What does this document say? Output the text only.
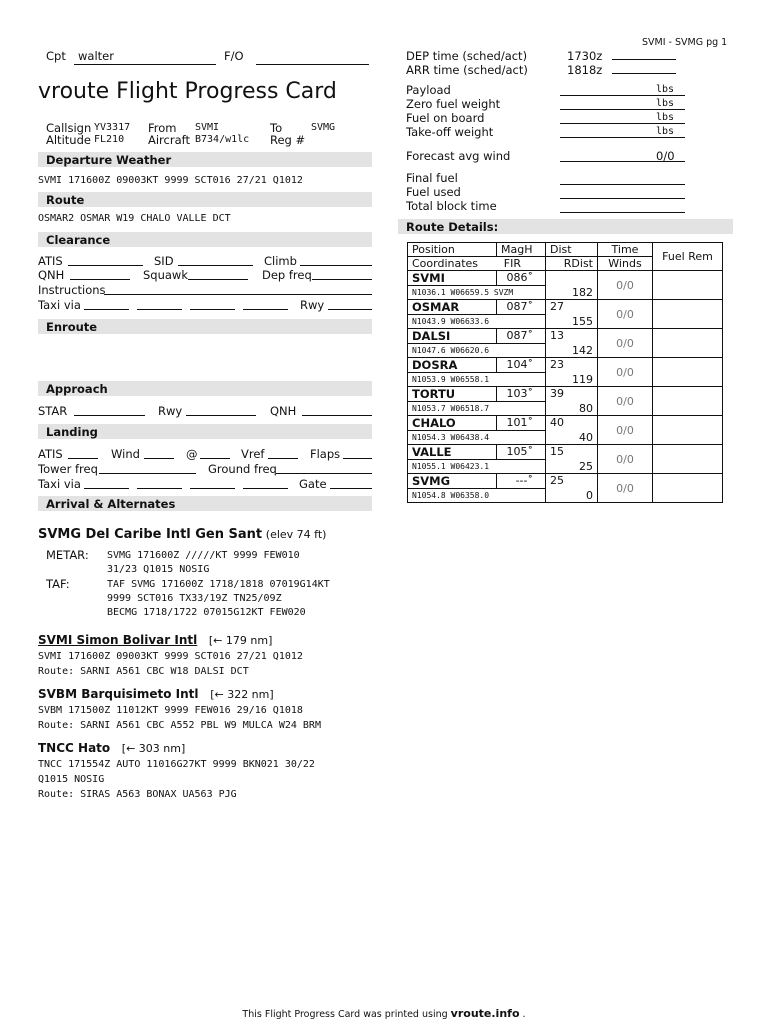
SVMI - SVMG pg 1
Cpt walter	F/O
vroute Flight Progress Card
Callsign YV3317 From SVMI	To	SVMG
Altitude FL210 Aircraft B734/w1lc Reg #
Departure Weather
SVMI 171600Z 09003KT 9999 SCT016 27/21 Q1012
Route
OSMAR2 OSMAR W19 CHALO VALLE DCT
Clearance
ATIS	SID	Climb
QNH	Squawk	Dep freq
Instructions
Taxi via	Rwy
Enroute
Approach
STAR	Rwy	QNH
Landing
ATIS	Wind	@	Vref	Flaps
Tower freq	Ground freq
Taxi via	Gate
Arrival & Alternates
SVMG Del Caribe Intl Gen Sant (elev 74 ft)
METAR: SVMG 171600Z /////KT 9999 FEW010
31/23 Q1015 NOSIG
TAF:	TAF SVMG 171600Z 1718/1818 07019G14KT
9999 SCT016 TX33/19Z TN25/09Z
BECMG 1718/1722 07015G12KT FEW020
SVMI Simon Bolivar Intl [← 179 nm]
SVMI 171600Z 09003KT 9999 SCT016 27/21 Q1012
Route: SARNI A561 CBC W18 DALSI DCT
SVBM Barquisimeto Intl [← 322 nm]
SVBM 171500Z 11012KT 9999 FEW016 29/16 Q1018
Route: SARNI A561 CBC A552 PBL W9 MULCA W24 BRM
TNCC Hato [← 303 nm]
TNCC 171554Z AUTO 11016G27KT 9999 BKN021 30/22
Q1015 NOSIG
Route: SIRAS A563 BONAX UA563 PJG
DEP time (sched/act)	1730z
ARR time (sched/act)	1818z
Payload	lbs
Zero fuel weight	lbs
Fuel on board	lbs
Take-off weight	lbs
Forecast avg wind	0/0
Final fuel
Fuel used
Total block time
Route Details:
Position	MagH	Dist	Time	Fuel Rem
Coordinates FIR		RDist	Winds	
SVMI	086˚		0/0	
N1036.1 W06659.5 SVZM		182		
OSMAR	087˚	27	0/0	
N1043.9 W06633.6		155		
DALSI	087˚	13	0/0	
N1047.6 W06620.6		142		
DOSRA	104˚	23	0/0	
N1053.9 W06558.1		119		
TORTU	103˚	39	0/0	
N1053.7 W06518.7		80		
CHALO	101˚	40	0/0	
N1054.3 W06438.4		40		
VALLE	105˚	15	0/0	
N1055.1 W06423.1		25		
SVMG	---˚	25	0/0	
N1054.8 W06358.0		0		
This Flight Progress Card was printed using vroute.info .
